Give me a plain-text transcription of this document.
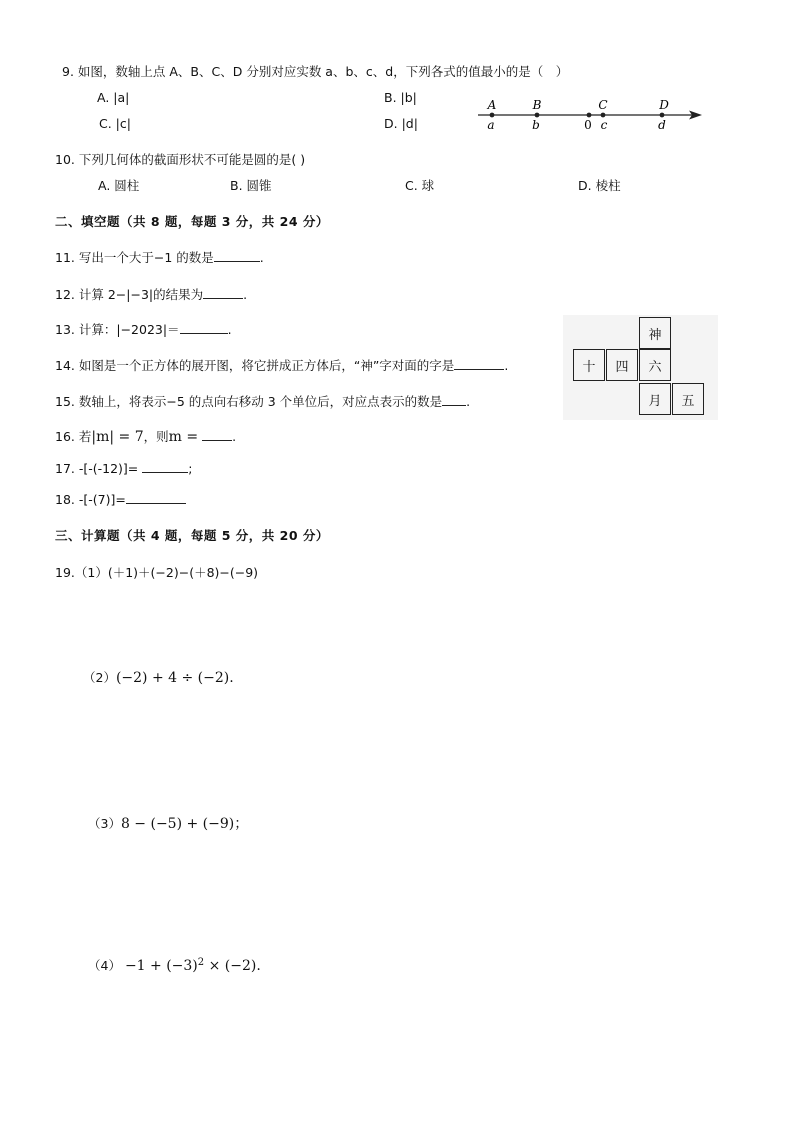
9. 如图，数轴上点 A、B、C、D 分别对应实数 a、b、c、d，下列各式的值最小的是（　）
A. |a|	B. |b|
C. |c|	D. |d|
A	B	C	D
a	b	0 c	d
10. 下列几何体的截面形状不可能是圆的是( )
A. 圆柱	B. 圆锥	C. 球	D. 棱柱
二、填空题（共 8 题，每题 3 分，共 24 分）
11. 写出一个大于−1 的数是	.
12. 计算 2−|−3|的结果为	.
13. 计算：|−2023|＝	.
14. 如图是一个正方体的展开图，将它拼成正方体后，“神”字对面的字是	.
15. 数轴上，将表示−5 的点向右移动 3 个单位后，对应点表示的数是 .
16. 若|m| = 7，则m =	.
17. -[-(-12)]=	;
18. -[-(7)]=
神
十	四	六
月	五
三、计算题（共 4 题，每题 5 分，共 20 分）
19.（1）(＋1)＋(−2)−(＋8)−(−9)
（2）(−2) + 4 ÷ (−2).
（3）8 − (−5) + (−9)；
$(4) -1 + (-3)^2 \times (-2)$.
